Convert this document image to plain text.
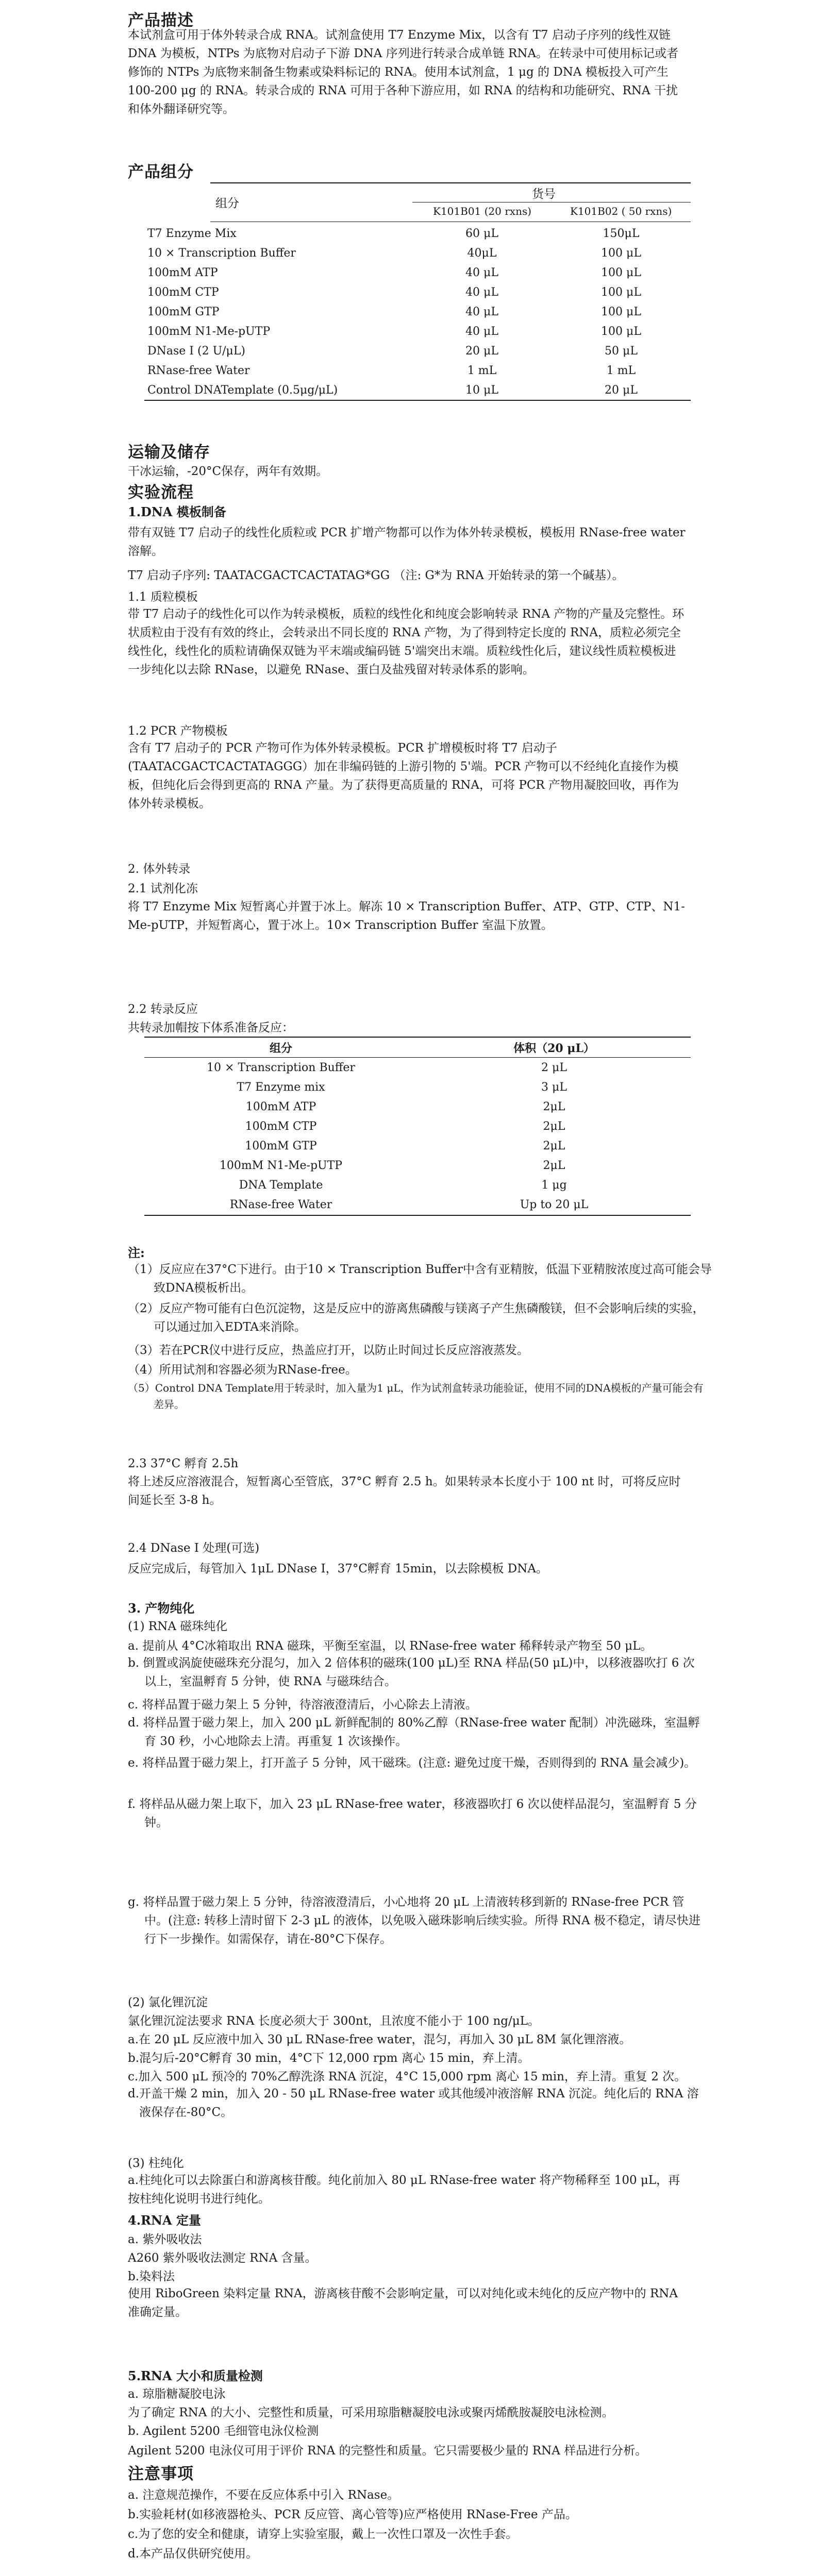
产品描述
本试剂盒可用于体外转录合成 RNA。试剂盒使用 T7 Enzyme Mix，以含有 T7 启动子序列的线性双链 DNA 为模板，NTPs 为底物对启动子下游 DNA 序列进行转录合成单链 RNA。在转录中可使用标记或者修饰的 NTPs 为底物来制备生物素或染料标记的 RNA。使用本试剂盒，1 μg 的 DNA 模板投入可产生 100-200 μg 的 RNA。转录合成的 RNA 可用于各种下游应用，如 RNA 的结构和功能研究、RNA 干扰和体外翻译研究等。
产品组分
组分
货号
K101B01 (20 rxns)	K101B02 ( 50 rxns)
T7 Enzyme Mix	60 μL	150μL
10 × Transcription Buffer	40μL	100 μL
100mM ATP	40 μL	100 μL
100mM CTP	40 μL	100 μL
100mM GTP	40 μL	100 μL
100mM N1-Me-pUTP	40 μL	100 μL
DNase I (2 U/μL)	20 μL	50 μL
RNase-free Water	1 mL	1 mL
Control DNATemplate (0.5μg/μL)	10 μL	20 μL
运输及储存
干冰运输，-20°C保存，两年有效期。
实验流程
1.DNA 模板制备
带有双链 T7 启动子的线性化质粒或 PCR 扩增产物都可以作为体外转录模板，模板用 RNase-free water 溶解。
T7 启动子序列: TAATACGACTCACTATAG*GG （注: G*为 RNA 开始转录的第一个碱基）。
1.1 质粒模板
带 T7 启动子的线性化可以作为转录模板，质粒的线性化和纯度会影响转录 RNA 产物的产量及完整性。环状质粒由于没有有效的终止，会转录出不同长度的 RNA 产物，为了得到特定长度的 RNA，质粒必须完全线性化，线性化的质粒请确保双链为平末端或编码链 5'端突出末端。质粒线性化后，建议线性质粒模板进一步纯化以去除 RNase，以避免 RNase、蛋白及盐残留对转录体系的影响。
1.2 PCR 产物模板
含有 T7 启动子的 PCR 产物可作为体外转录模板。PCR 扩增模板时将 T7 启动子(TAATACGACTCACTATAGGG）加在非编码链的上游引物的 5'端。PCR 产物可以不经纯化直接作为模板，但纯化后会得到更高的 RNA 产量。为了获得更高质量的 RNA，可将 PCR 产物用凝胶回收，再作为体外转录模板。
2. 体外转录
2.1 试剂化冻
将 T7 Enzyme Mix 短暂离心并置于冰上。解冻 10 × Transcription Buffer、ATP、GTP、CTP、N1-Me-pUTP，并短暂离心，置于冰上。10× Transcription Buffer 室温下放置。
2.2 转录反应
共转录加帽按下体系准备反应：
组分	体积（20 μL）
10 × Transcription Buffer	2 μL
T7 Enzyme mix	3 μL
100mM ATP	2μL
100mM CTP	2μL
100mM GTP	2μL
100mM N1-Me-pUTP	2μL
DNA Template	1 μg
RNase-free Water	Up to 20 μL
注:
（1）反应应在37°C下进行。由于10 × Transcription Buffer中含有亚精胺，低温下亚精胺浓度过高可能会导致DNA模板析出。
（2）反应产物可能有白色沉淀物，这是反应中的游离焦磷酸与镁离子产生焦磷酸镁，但不会影响后续的实验，可以通过加入EDTA来消除。
（3）若在PCR仪中进行反应，热盖应打开，以防止时间过长反应溶液蒸发。
（4）所用试剂和容器必须为RNase-free。
（5）Control DNA Template用于转录时，加入量为1 μL，作为试剂盒转录功能验证，使用不同的DNA模板的产量可能会有差异。
2.3 37°C 孵育 2.5h
将上述反应溶液混合，短暂离心至管底，37°C 孵育 2.5 h。如果转录本长度小于 100 nt 时，可将反应时间延长至 3-8 h。
2.4 DNase I 处理(可选)
反应完成后，每管加入 1μL DNase I，37°C孵育 15min，以去除模板 DNA。
3. 产物纯化
(1) RNA 磁珠纯化
a. 提前从 4°C冰箱取出 RNA 磁珠，平衡至室温，以 RNase-free water 稀释转录产物至 50 μL。
b. 倒置或涡旋使磁珠充分混匀，加入 2 倍体积的磁珠(100 μL)至 RNA 样品(50 μL)中，以移液器吹打 6 次以上，室温孵育 5 分钟，使 RNA 与磁珠结合。
c. 将样品置于磁力架上 5 分钟，待溶液澄清后，小心除去上清液。
d. 将样品置于磁力架上，加入 200 μL 新鲜配制的 80%乙醇（RNase-free water 配制）冲洗磁珠，室温孵育 30 秒，小心地除去上清。再重复 1 次该操作。
e. 将样品置于磁力架上，打开盖子 5 分钟，风干磁珠。(注意: 避免过度干燥，否则得到的 RNA 量会减少)。
f. 将样品从磁力架上取下，加入 23 μL RNase-free water，移液器吹打 6 次以使样品混匀，室温孵育 5 分钟。
g. 将样品置于磁力架上 5 分钟，待溶液澄清后，小心地将 20 μL 上清液转移到新的 RNase-free PCR 管中。(注意: 转移上清时留下 2-3 μL 的液体，以免吸入磁珠影响后续实验。所得 RNA 极不稳定，请尽快进行下一步操作。如需保存，请在-80°C下保存。
(2) 氯化锂沉淀
氯化锂沉淀法要求 RNA 长度必须大于 300nt，且浓度不能小于 100 ng/μL。
a.在 20 μL 反应液中加入 30 μL RNase-free water，混匀，再加入 30 μL 8M 氯化锂溶液。
b.混匀后-20°C孵育 30 min，4°C下 12,000 rpm 离心 15 min，弃上清。
c.加入 500 μL 预冷的 70%乙醇洗涤 RNA 沉淀，4°C 15,000 rpm 离心 15 min，弃上清。重复 2 次。
d.开盖干燥 2 min，加入 20 - 50 μL RNase-free water 或其他缓冲液溶解 RNA 沉淀。纯化后的 RNA 溶液保存在-80°C。
(3) 柱纯化
a.柱纯化可以去除蛋白和游离核苷酸。纯化前加入 80 μL RNase-free water 将产物稀释至 100 μL，再按柱纯化说明书进行纯化。
4.RNA 定量
a. 紫外吸收法
A260 紫外吸收法测定 RNA 含量。
b.染料法
使用 RiboGreen 染料定量 RNA，游离核苷酸不会影响定量，可以对纯化或未纯化的反应产物中的 RNA 准确定量。
5.RNA 大小和质量检测
a. 琼脂糖凝胶电泳
为了确定 RNA 的大小、完整性和质量，可采用琼脂糖凝胶电泳或聚丙烯酰胺凝胶电泳检测。
b. Agilent 5200 毛细管电泳仪检测
Agilent 5200 电泳仪可用于评价 RNA 的完整性和质量。它只需要极少量的 RNA 样品进行分析。
注意事项
a. 注意规范操作，不要在反应体系中引入 RNase。
b.实验耗材(如移液器枪头、PCR 反应管、离心管等)应严格使用 RNase-Free 产品。
c.为了您的安全和健康，请穿上实验室服，戴上一次性口罩及一次性手套。
d.本产品仅供研究使用。
